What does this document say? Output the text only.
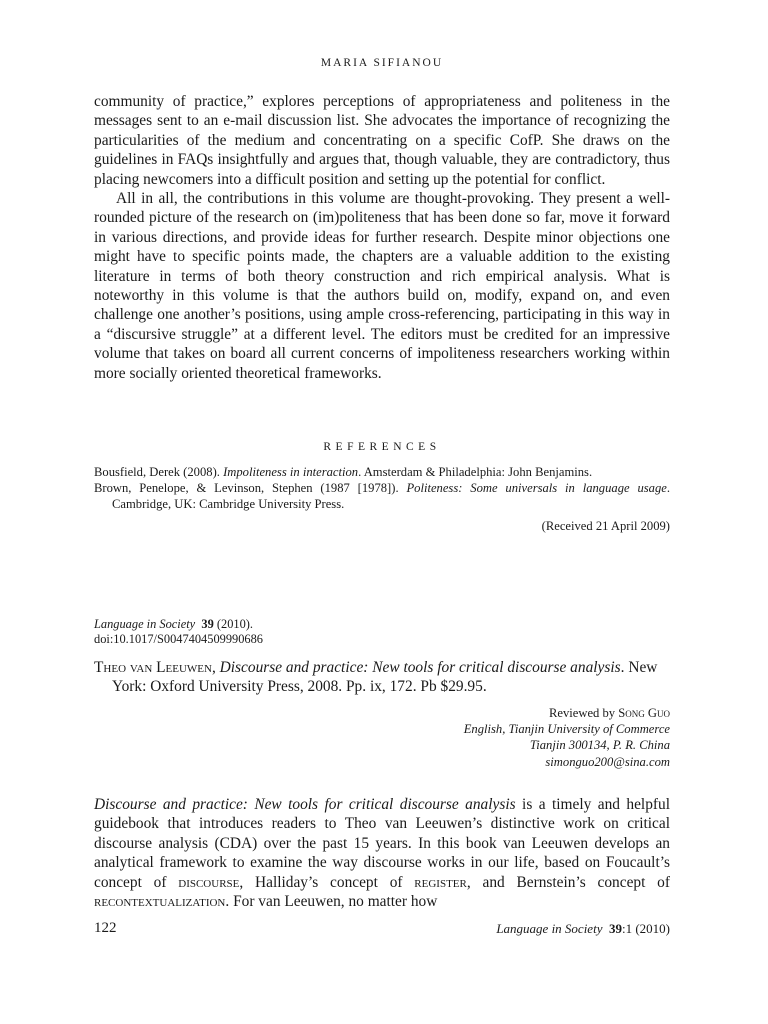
MARIA SIFIANOU

community of practice,” explores perceptions of appropriateness and politeness in the messages sent to an e-mail discussion list. She advocates the importance of recognizing the particularities of the medium and concentrating on a specific CofP. She draws on the guidelines in FAQs insightfully and argues that, though valuable, they are contradictory, thus placing newcomers into a difficult position and setting up the potential for conflict.

All in all, the contributions in this volume are thought-provoking. They present a well-rounded picture of the research on (im)politeness that has been done so far, move it forward in various directions, and provide ideas for further research. Despite minor objections one might have to specific points made, the chapters are a valuable addition to the existing literature in terms of both theory construction and rich empirical analysis. What is noteworthy in this volume is that the authors build on, modify, expand on, and even challenge one another’s positions, using ample cross-referencing, participating in this way in a “discursive struggle” at a different level. The editors must be credited for an impressive volume that takes on board all current concerns of impoliteness researchers working within more socially oriented theoretical frameworks.

REFERENCES

Bousfield, Derek (2008). Impoliteness in interaction. Amsterdam & Philadelphia: John Benjamins.

Brown, Penelope, & Levinson, Stephen (1987 [1978]). Politeness: Some universals in language usage. Cambridge, UK: Cambridge University Press.

(Received 21 April 2009)
Language in Society 39 (2010).
doi:10.1017/S0047404509990686
Theo van Leeuwen, Discourse and practice: New tools for critical discourse analysis. New York: Oxford University Press, 2008. Pp. ix, 172. Pb $29.95.
Reviewed by Song Guo
English, Tianjin University of Commerce
Tianjin 300134, P. R. China
simonguo200@sina.com
Discourse and practice: New tools for critical discourse analysis is a timely and helpful guidebook that introduces readers to Theo van Leeuwen’s distinctive work on critical discourse analysis (CDA) over the past 15 years. In this book van Leeuwen develops an analytical framework to examine the way discourse works in our life, based on Foucault’s concept of discourse, Halliday’s concept of register, and Bernstein’s concept of recontextualization. For van Leeuwen, no matter how
122	Language in Society 39:1 (2010)
